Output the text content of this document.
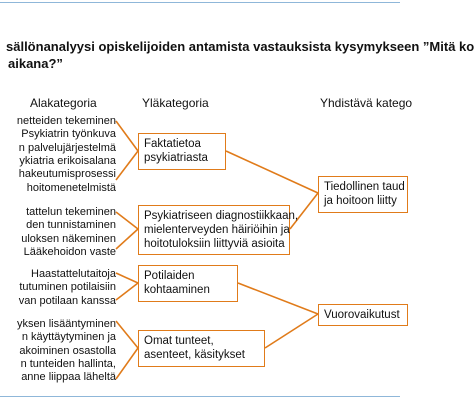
sällönanalyysi opiskelijoiden antamista vastauksista kysymykseen ”Mitä ko
aikana?”
Alakategoria	Yläkategoria	Yhdistävä katego
netteiden tekeminen
Psykiatrin työnkuva
n palvelujärjestelmä
ykiatria erikoisalana
hakeutumisprosessi
hoitomenetelmistä
tattelun tekeminen
den tunnistaminen
uloksen näkeminen
Lääkehoidon vaste
Haastattelutaitoja
tutuminen potilaisiin
van potilaan kanssa
yksen lisääntyminen
n käyttäytyminen ja
akoiminen osastolla
n tunteiden hallinta,
anne liippaa läheltä
Faktatietoa
psykiatriasta
Psykiatriseen diagnostiikkaan,
mielenterveyden häiriöihin ja
hoitotuloksiin liittyviä asioita
Potilaiden
kohtaaminen
Omat tunteet,
asenteet, käsitykset
Tiedollinen taud
ja hoitoon liitty
Vuorovaikutust
